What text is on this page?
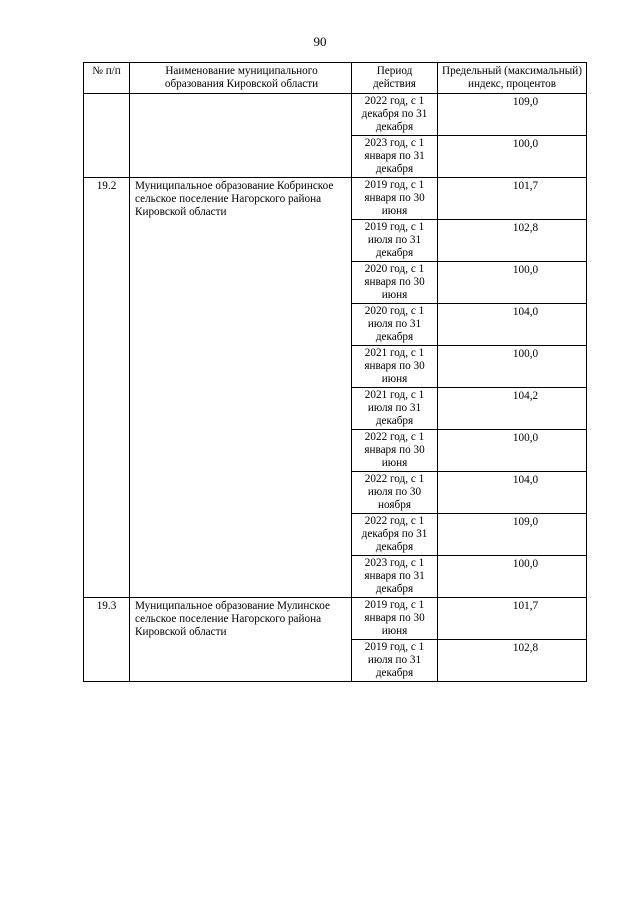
90
№ п/п	Наименование муниципального образования Кировской области	Период действия	Предельный (максимальный) индекс, процентов
		2022 год, с 1 декабря по 31 декабря	109,0
		2023 год, с 1 января по 31 декабря	100,0
19.2	Муниципальное образование Кобринское сельское поселение Нагорского района Кировской области	2019 год, с 1 января по 30 июня	101,7
		2019 год, с 1 июля по 31 декабря	102,8
		2020 год, с 1 января по 30 июня	100,0
		2020 год, с 1 июля по 31 декабря	104,0
		2021 год, с 1 января по 30 июня	100,0
		2021 год, с 1 июля по 31 декабря	104,2
		2022 год, с 1 января по 30 июня	100,0
		2022 год, с 1 июля по 30 ноября	104,0
		2022 год, с 1 декабря по 31 декабря	109,0
		2023 год, с 1 января по 31 декабря	100,0
19.3	Муниципальное образование Мулинское сельское поселение Нагорского района Кировской области	2019 год, с 1 января по 30 июня	101,7
		2019 год, с 1 июля по 31 декабря	102,8
